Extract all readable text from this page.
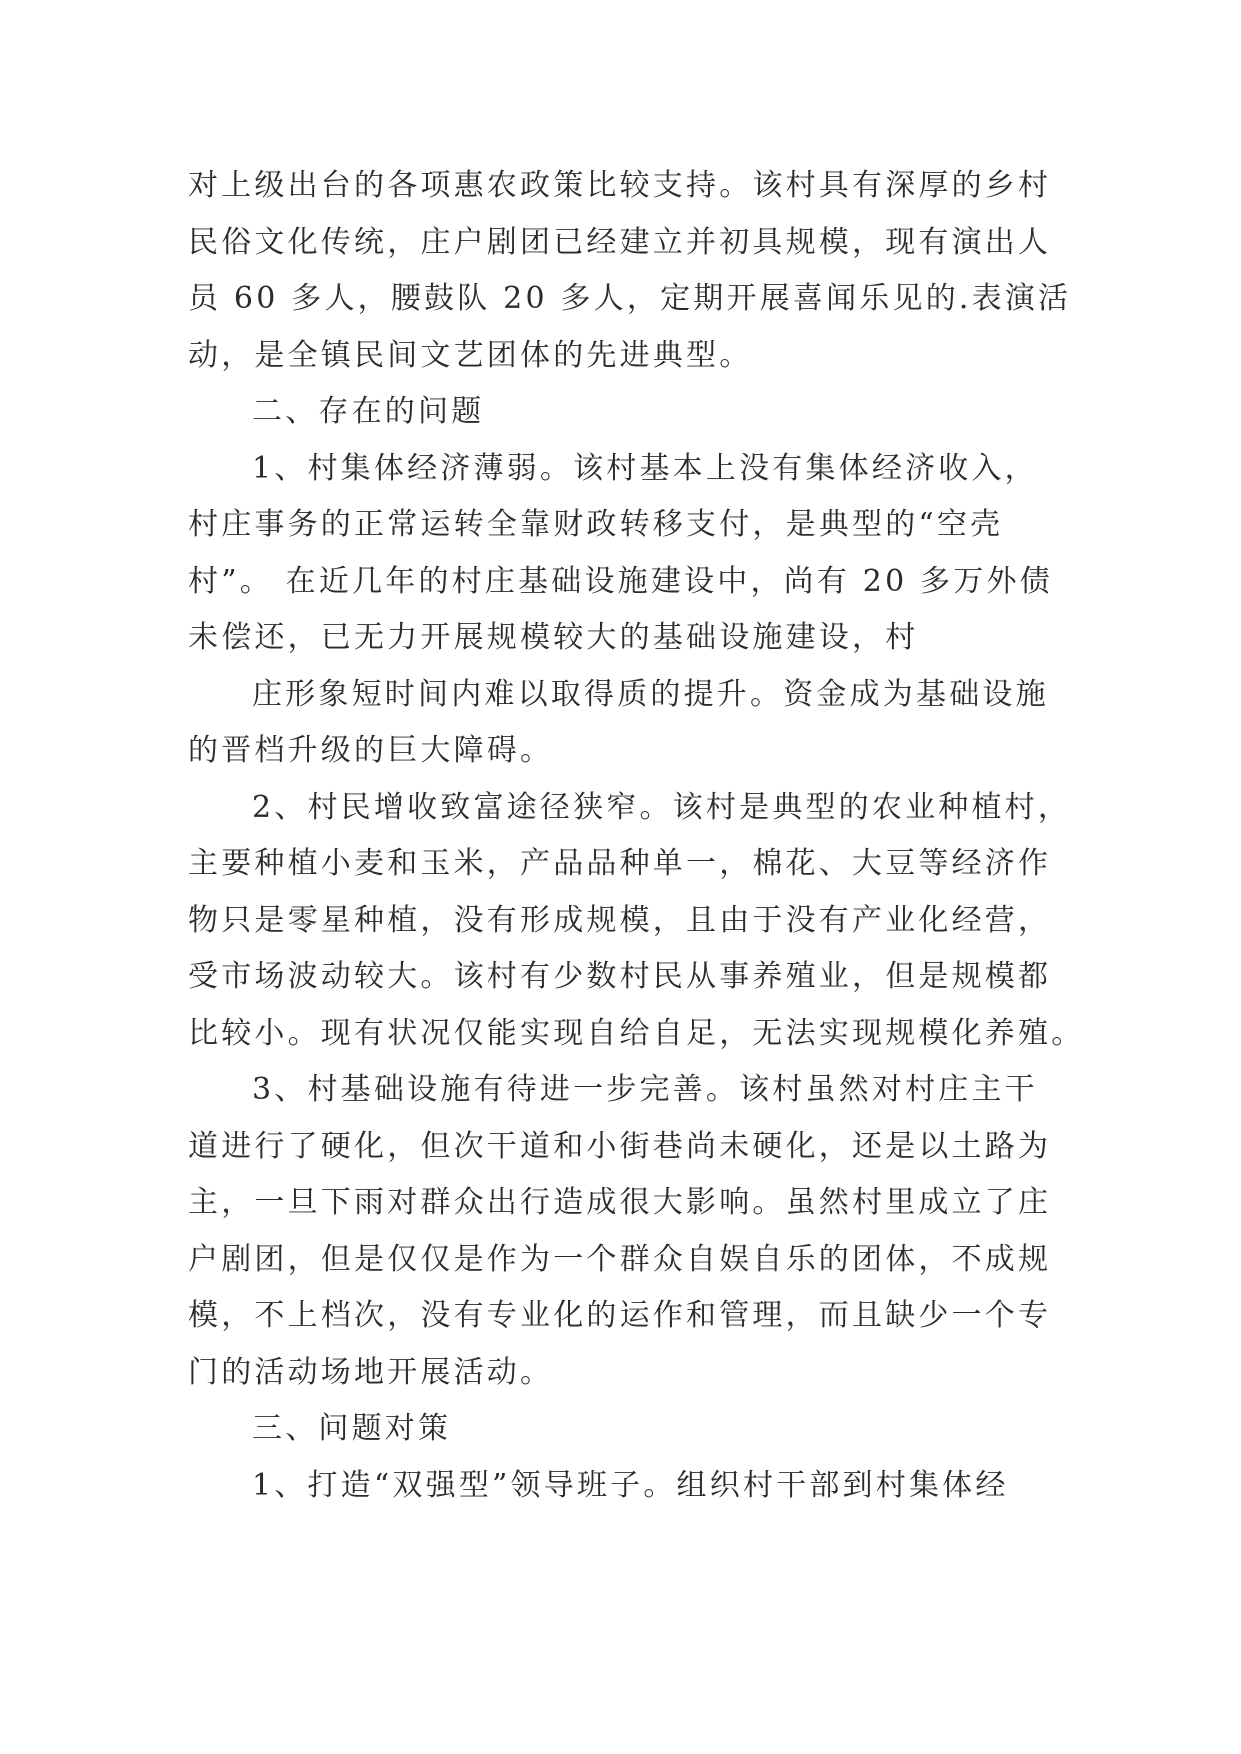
对上级出台的各项惠农政策比较支持。该村具有深厚的乡村
民俗文化传统，庄户剧团已经建立并初具规模，现有演出人
员 60 多人，腰鼓队 20 多人，定期开展喜闻乐见的.表演活
动，是全镇民间文艺团体的先进典型。
二、存在的问题
1、村集体经济薄弱。该村基本上没有集体经济收入，
村庄事务的正常运转全靠财政转移支付，是典型的“空壳
村”。 在近几年的村庄基础设施建设中，尚有 20 多万外债
未偿还，已无力开展规模较大的基础设施建设，村
庄形象短时间内难以取得质的提升。资金成为基础设施
的晋档升级的巨大障碍。
2、村民增收致富途径狭窄。该村是典型的农业种植村，
主要种植小麦和玉米，产品品种单一，棉花、大豆等经济作
物只是零星种植，没有形成规模，且由于没有产业化经营，
受市场波动较大。该村有少数村民从事养殖业，但是规模都
比较小。现有状况仅能实现自给自足，无法实现规模化养殖。
3、村基础设施有待进一步完善。该村虽然对村庄主干
道进行了硬化，但次干道和小街巷尚未硬化，还是以土路为
主，一旦下雨对群众出行造成很大影响。虽然村里成立了庄
户剧团，但是仅仅是作为一个群众自娱自乐的团体，不成规
模，不上档次，没有专业化的运作和管理，而且缺少一个专
门的活动场地开展活动。
三、问题对策
1、打造“双强型”领导班子。组织村干部到村集体经
